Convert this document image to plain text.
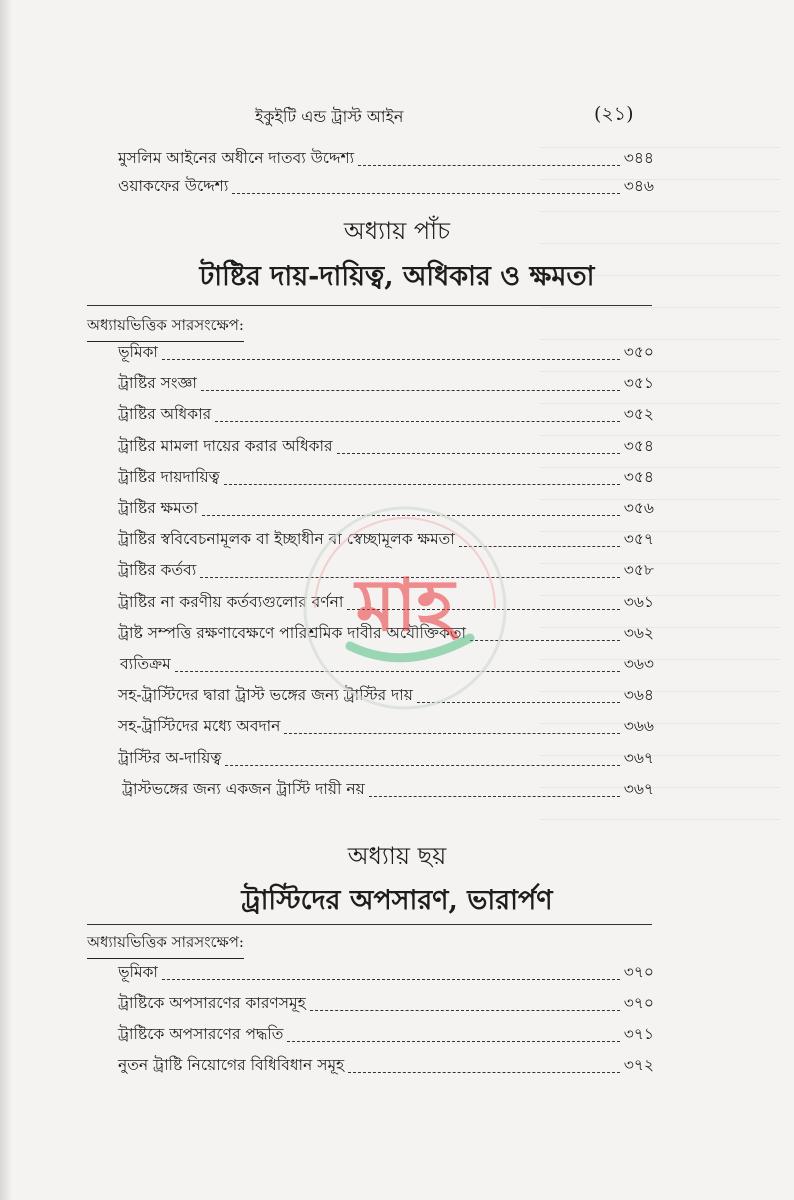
ইকুইটি এন্ড ট্রাস্ট আইন	(২১)
মুসলিম আইনের অধীনে দাতব্য উদ্দেশ্য	৩৪৪
ওয়াকফের উদ্দেশ্য	৩৪৬
অধ্যায় পাঁচ
টাষ্টির দায়-দায়িত্ব, অধিকার ও ক্ষমতা
অধ্যায়ভিত্তিক সারসংক্ষেপ:
ভূমিকা	৩৫০
ট্রাষ্টির সংজ্ঞা	৩৫১
ট্রাষ্টির অধিকার	৩৫২
ট্রাষ্টির মামলা দায়ের করার অধিকার	৩৫৪
ট্রাষ্টির দায়দায়িত্ব	৩৫৪
ট্রাষ্টির ক্ষমতা	৩৫৬
ট্রাষ্টির স্ববিবেচনামূলক বা ইচ্ছাধীন বা স্বেচ্ছামূলক ক্ষমতা	৩৫৭
ট্রাষ্টির কর্তব্য	৩৫৮
ট্রাষ্টির না করণীয় কর্তব্যগুলোর বর্ণনা	৩৬১
ট্রাষ্ট সম্পত্তি রক্ষণাবেক্ষণে পারিশ্রমিক দাবীর অযৌক্তিকতা	৩৬২
ব্যতিক্রম	৩৬৩
সহ-ট্রাস্টিদের দ্বারা ট্রাস্ট ভঙ্গের জন্য ট্রাস্টির দায়	৩৬৪
সহ-ট্রাস্টিদের মধ্যে অবদান	৩৬৬
ট্রাস্টির অ-দায়িত্ব	৩৬৭
ট্রাস্টভঙ্গের জন্য একজন ট্রাস্টি দায়ী নয়	৩৬৭
অধ্যায় ছয়
ট্রাস্টিদের অপসারণ, ভারার্পণ
অধ্যায়ভিত্তিক সারসংক্ষেপ:
ভূমিকা	৩৭০
ট্রাষ্টিকে অপসারণের কারণসমূহ	৩৭০
ট্রাষ্টিকে অপসারণের পদ্ধতি	৩৭১
নুতন ট্রাষ্টি নিয়োগের বিধিবিধান সমূহ	৩৭২
মাহ
